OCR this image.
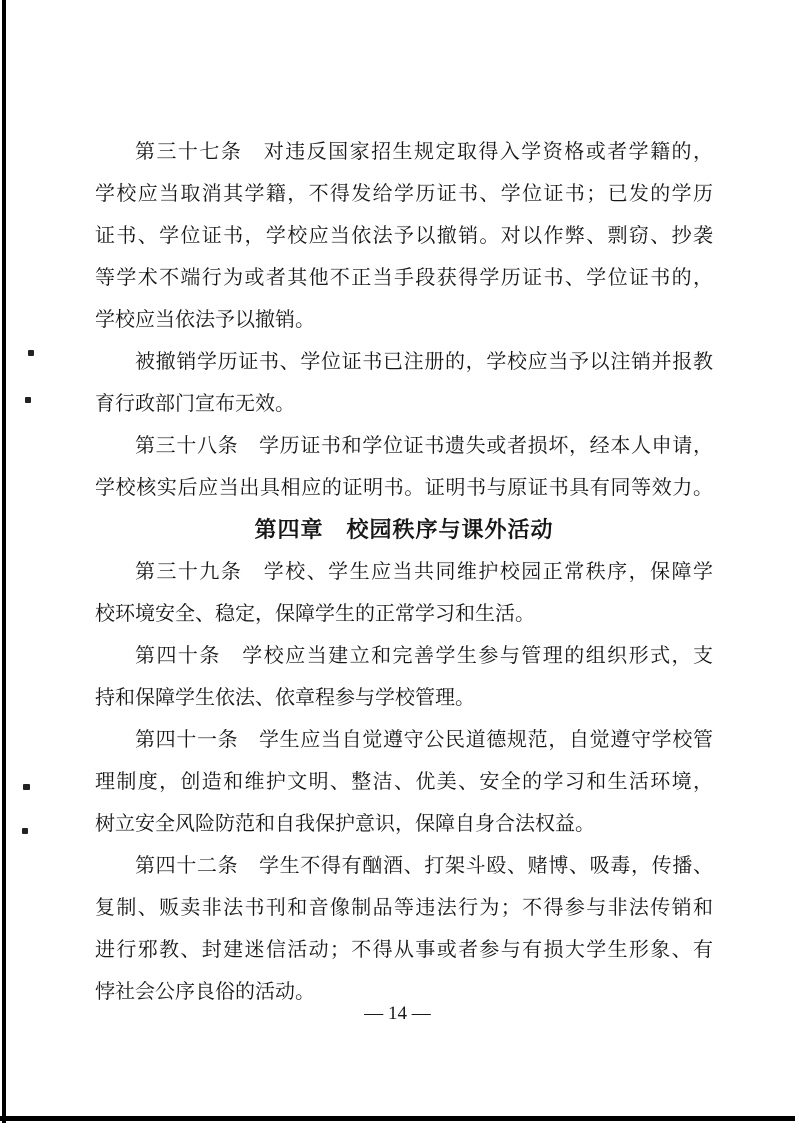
第三十七条　对违反国家招生规定取得入学资格或者学籍的，
学校应当取消其学籍，不得发给学历证书、学位证书；已发的学历
证书、学位证书，学校应当依法予以撤销。对以作弊、剽窃、抄袭
等学术不端行为或者其他不正当手段获得学历证书、学位证书的，
学校应当依法予以撤销。
被撤销学历证书、学位证书已注册的，学校应当予以注销并报教
育行政部门宣布无效。
第三十八条　学历证书和学位证书遗失或者损坏，经本人申请，
学校核实后应当出具相应的证明书。证明书与原证书具有同等效力。
第四章　校园秩序与课外活动
第三十九条　学校、学生应当共同维护校园正常秩序，保障学
校环境安全、稳定，保障学生的正常学习和生活。
第四十条　学校应当建立和完善学生参与管理的组织形式，支
持和保障学生依法、依章程参与学校管理。
第四十一条　学生应当自觉遵守公民道德规范，自觉遵守学校管
理制度，创造和维护文明、整洁、优美、安全的学习和生活环境，
树立安全风险防范和自我保护意识，保障自身合法权益。
第四十二条　学生不得有酗酒、打架斗殴、赌博、吸毒，传播、
复制、贩卖非法书刊和音像制品等违法行为；不得参与非法传销和
进行邪教、封建迷信活动；不得从事或者参与有损大学生形象、有
悖社会公序良俗的活动。
— 14 —
